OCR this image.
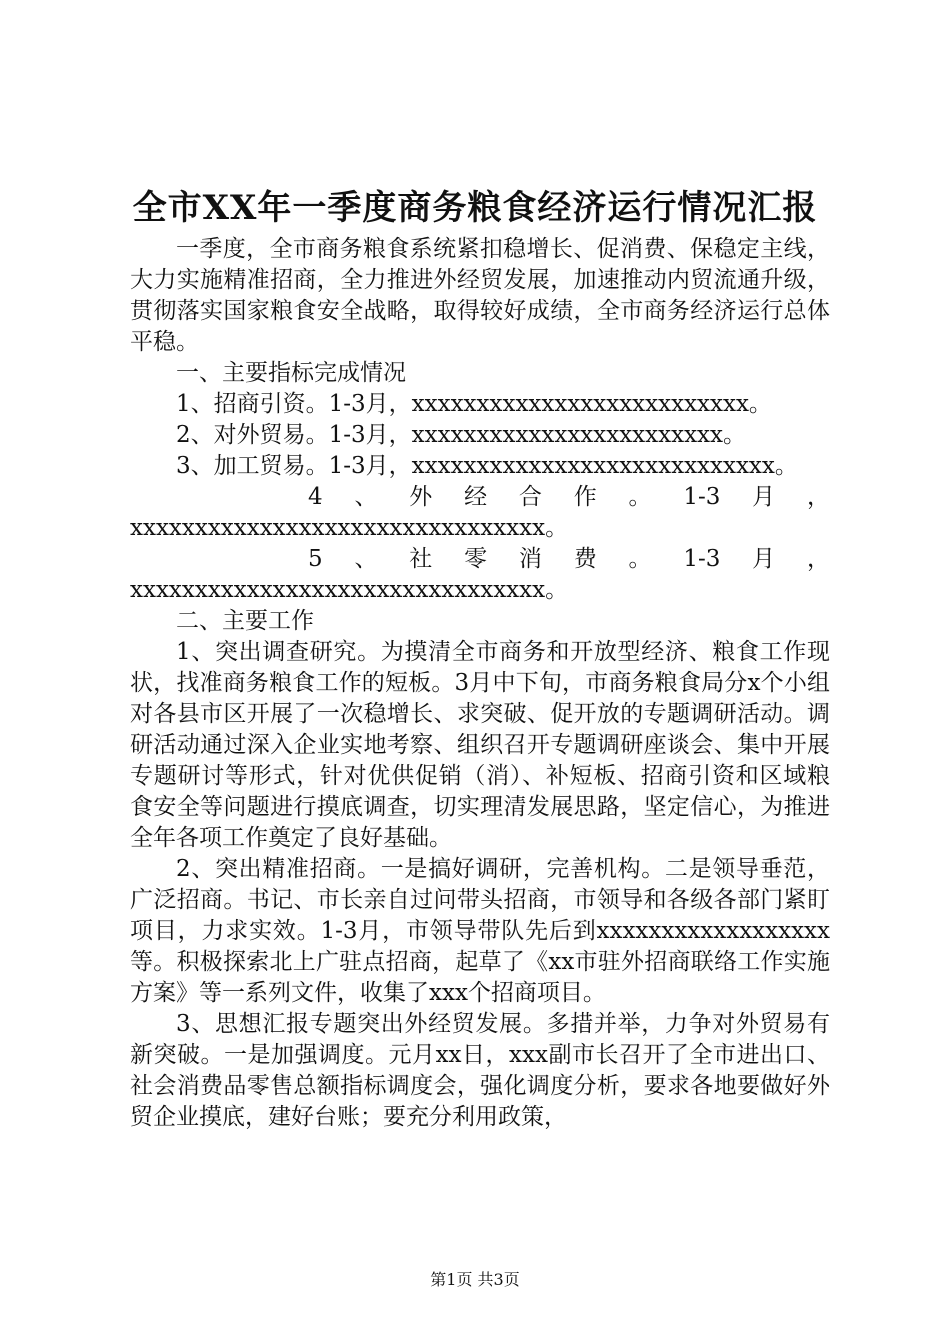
全市XX年一季度商务粮食经济运行情况汇报

一季度，全市商务粮食系统紧扣稳增长、促消费、保稳定主线，大力实施精准招商，全力推进外经贸发展，加速推动内贸流通升级，贯彻落实国家粮食安全战略，取得较好成绩，全市商务经济运行总体平稳。

一、主要指标完成情况

1、招商引资。1-3月，xxxxxxxxxxxxxxxxxxxxxxxxxx。

2、对外贸易。1-3月，xxxxxxxxxxxxxxxxxxxxxxxx。

3、加工贸易。1-3月，xxxxxxxxxxxxxxxxxxxxxxxxxxxx。

4、外经合作。1-3月，

xxxxxxxxxxxxxxxxxxxxxxxxxxxxxxxx。

5、社零消费。1-3月，

xxxxxxxxxxxxxxxxxxxxxxxxxxxxxxxx。

二、主要工作

1、突出调查研究。为摸清全市商务和开放型经济、粮食工作现状，找准商务粮食工作的短板。3月中下旬，市商务粮食局分x个小组对各县市区开展了一次稳增长、求突破、促开放的专题调研活动。调研活动通过深入企业实地考察、组织召开专题调研座谈会、集中开展专题研讨等形式，针对优供促销（消）、补短板、招商引资和区域粮食安全等问题进行摸底调查，切实理清发展思路，坚定信心，为推进全年各项工作奠定了良好基础。

2、突出精准招商。一是搞好调研，完善机构。二是领导垂范，广泛招商。书记、市长亲自过问带头招商，市领导和各级各部门紧盯项目，力求实效。1-3月，市领导带队先后到xxxxxxxxxxxxxxxxxx等。积极探索北上广驻点招商，起草了《xx市驻外招商联络工作实施方案》等一系列文件，收集了xxx个招商项目。

3、思想汇报专题突出外经贸发展。多措并举，力争对外贸易有新突破。一是加强调度。元月xx日，xxx副市长召开了全市进出口、社会消费品零售总额指标调度会，强化调度分析，要求各地要做好外贸企业摸底，建好台账；要充分利用政策，

第1页 共3页
